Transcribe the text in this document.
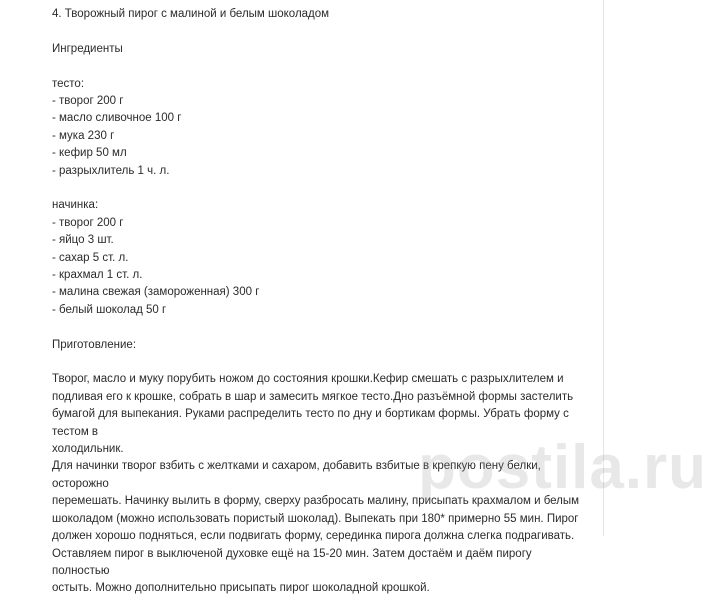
4. Творожный пирог с малиной и белым шоколадом

Ингредиенты

тесто:

- творог 200 г

- масло сливочное 100 г

- мука 230 г

- кефир 50 мл

- разрыхлитель 1 ч. л.

начинка:

- творог 200 г

- яйцо 3 шт.

- сахар 5 ст. л.

- крахмал 1 ст. л.

- малина свежая (замороженная) 300 г

- белый шоколад 50 г

Приготовление:

Творог, масло и муку порубить ножом до состояния крошки.Кефир смешать с разрыхлителем и

подливая его к крошке, собрать в шар и замесить мягкое тесто.Дно разъёмной формы застелить

бумагой для выпекания. Руками распределить тесто по дну и бортикам формы. Убрать форму с тестом в

холодильник.

Для начинки творог взбить с желтками и сахаром, добавить взбитые в крепкую пену белки, осторожно

перемешать. Начинку вылить в форму, сверху разбросать малину, присыпать крахмалом и белым

шоколадом (можно использовать пористый шоколад). Выпекать при 180* примерно 55 мин. Пирог

должен хорошо подняться, если подвигать форму, серединка пирога должна слегка подрагивать.

Оставляем пирог в выключеной духовке ещё на 15-20 мин. Затем достаём и даём пирогу полностью

остыть. Можно дополнительно присыпать пирог шоколадной крошкой.

postila.ru
